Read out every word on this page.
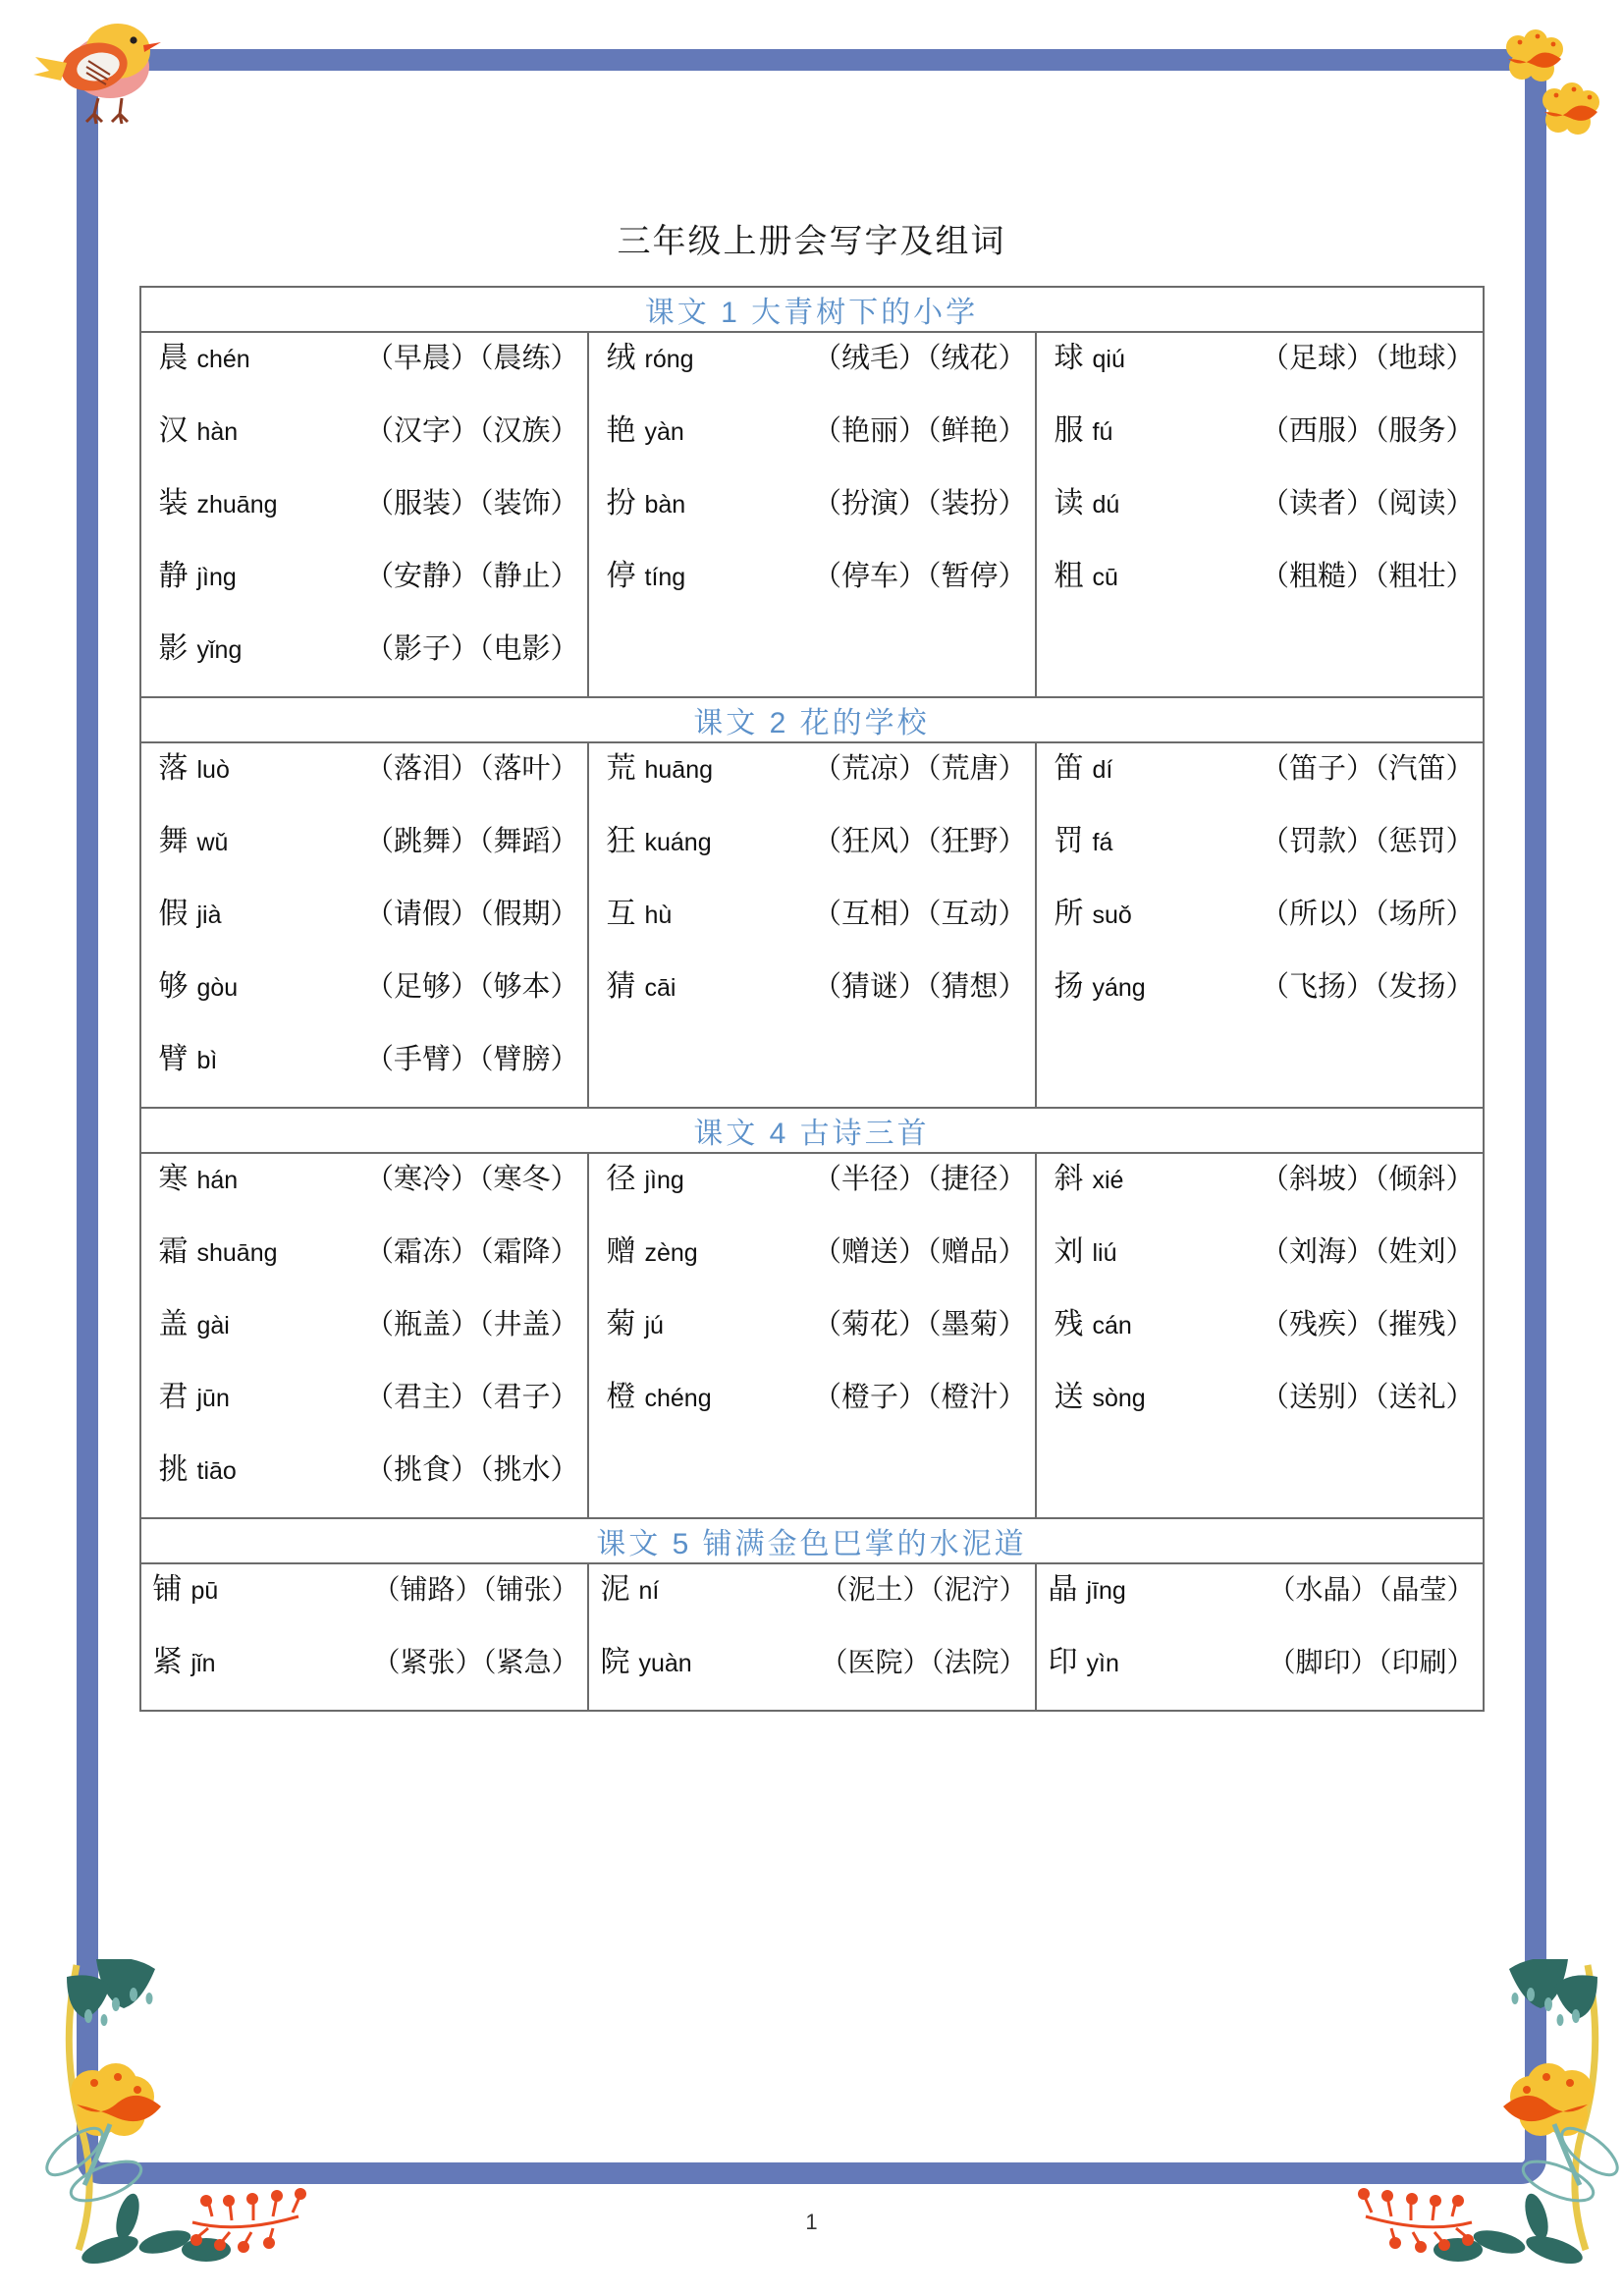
三年级上册会写字及组词
课文 1 大青树下的小学		

晨 chén	（早晨）（晨练）
汉 hàn	（汉字）（汉族）
装 zhuāng	（服装）（装饰）
静 jìng	（安静）（静止）
影 yǐng	（影子）（电影）

绒 róng	（绒毛）（绒花）
艳 yàn	（艳丽）（鲜艳）
扮 bàn	（扮演）（装扮）
停 tíng	（停车）（暂停）

球 qiú	（足球）（地球）
服 fú	（西服）（服务）
读 dú	（读者）（阅读）
粗 cū	（粗糙）（粗壮）

课文 2 花的学校		

落 luò	（落泪）（落叶）
舞 wǔ	（跳舞）（舞蹈）
假 jià	（请假）（假期）
够 gòu	（足够）（够本）
臂 bì	（手臂）（臂膀）

荒 huāng	（荒凉）（荒唐）
狂 kuáng	（狂风）（狂野）
互 hù	（互相）（互动）
猜 cāi	（猜谜）（猜想）

笛 dí	（笛子）（汽笛）
罚 fá	（罚款）（惩罚）
所 suǒ	（所以）（场所）
扬 yáng	（飞扬）（发扬）

课文 4 古诗三首		

寒 hán	（寒冷）（寒冬）
霜 shuāng	（霜冻）（霜降）
盖 gài	（瓶盖）（井盖）
君 jūn	（君主）（君子）
挑 tiāo	（挑食）（挑水）

径 jìng	（半径）（捷径）
赠 zèng	（赠送）（赠品）
菊 jú	（菊花）（墨菊）
橙 chéng	（橙子）（橙汁）

斜 xié	（斜坡）（倾斜）
刘 liú	（刘海）（姓刘）
残 cán	（残疾）（摧残）
送 sòng	（送别）（送礼）

课文 5 铺满金色巴掌的水泥道		

铺 pū	（铺路）（铺张）
紧 jǐn	（紧张）（紧急）

泥 ní	（泥土）（泥泞）
院 yuàn	（医院）（法院）

晶 jīng	（水晶）（晶莹）
印 yìn	（脚印）（印刷）
1
